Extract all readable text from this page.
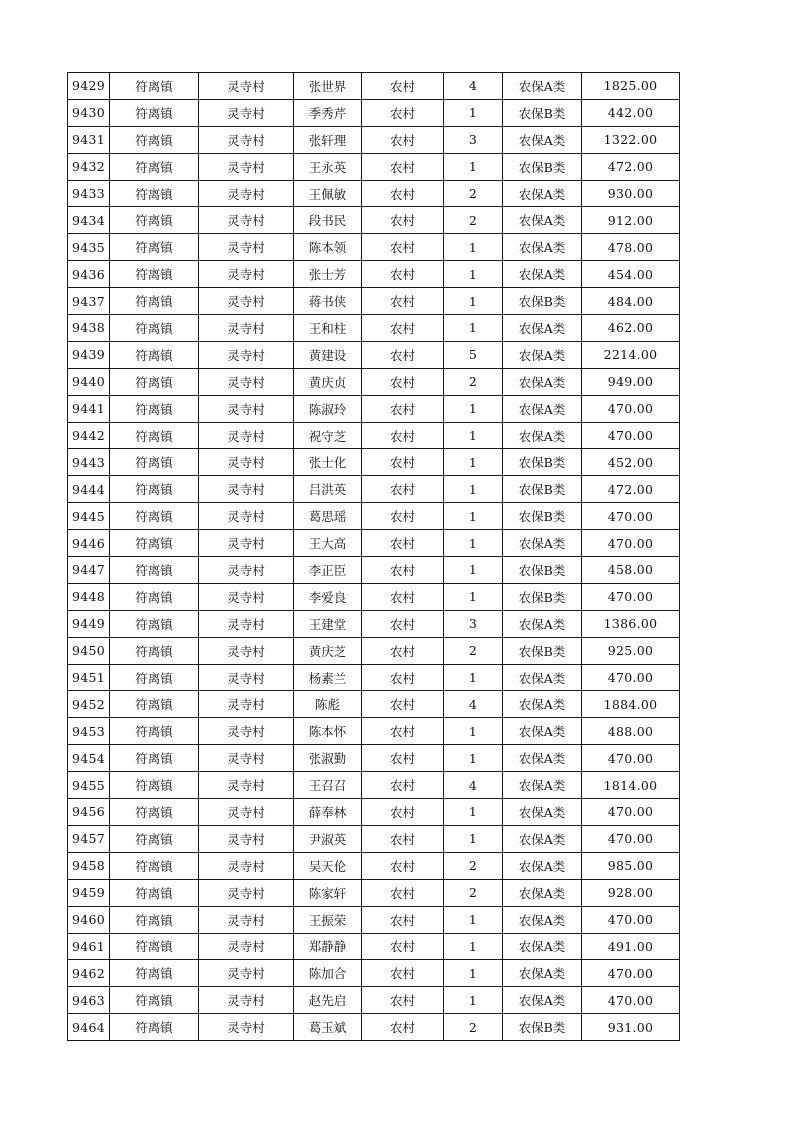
9429	符离镇	灵寺村	张世界	农村	4	农保A类	1825.00
9430	符离镇	灵寺村	季秀芹	农村	1	农保B类	442.00
9431	符离镇	灵寺村	张轩理	农村	3	农保A类	1322.00
9432	符离镇	灵寺村	王永英	农村	1	农保B类	472.00
9433	符离镇	灵寺村	王佩敏	农村	2	农保A类	930.00
9434	符离镇	灵寺村	段书民	农村	2	农保A类	912.00
9435	符离镇	灵寺村	陈本领	农村	1	农保A类	478.00
9436	符离镇	灵寺村	张士芳	农村	1	农保A类	454.00
9437	符离镇	灵寺村	蒋书侠	农村	1	农保B类	484.00
9438	符离镇	灵寺村	王和柱	农村	1	农保A类	462.00
9439	符离镇	灵寺村	黄建设	农村	5	农保A类	2214.00
9440	符离镇	灵寺村	黄庆贞	农村	2	农保A类	949.00
9441	符离镇	灵寺村	陈淑玲	农村	1	农保A类	470.00
9442	符离镇	灵寺村	祝守芝	农村	1	农保A类	470.00
9443	符离镇	灵寺村	张士化	农村	1	农保B类	452.00
9444	符离镇	灵寺村	吕洪英	农村	1	农保B类	472.00
9445	符离镇	灵寺村	葛思瑶	农村	1	农保B类	470.00
9446	符离镇	灵寺村	王大高	农村	1	农保A类	470.00
9447	符离镇	灵寺村	李正臣	农村	1	农保B类	458.00
9448	符离镇	灵寺村	李爱良	农村	1	农保B类	470.00
9449	符离镇	灵寺村	王建堂	农村	3	农保A类	1386.00
9450	符离镇	灵寺村	黄庆芝	农村	2	农保B类	925.00
9451	符离镇	灵寺村	杨素兰	农村	1	农保A类	470.00
9452	符离镇	灵寺村	陈彪	农村	4	农保A类	1884.00
9453	符离镇	灵寺村	陈本怀	农村	1	农保A类	488.00
9454	符离镇	灵寺村	张淑勤	农村	1	农保A类	470.00
9455	符离镇	灵寺村	王召召	农村	4	农保A类	1814.00
9456	符离镇	灵寺村	薛奉林	农村	1	农保A类	470.00
9457	符离镇	灵寺村	尹淑英	农村	1	农保A类	470.00
9458	符离镇	灵寺村	吴天伦	农村	2	农保A类	985.00
9459	符离镇	灵寺村	陈家轩	农村	2	农保A类	928.00
9460	符离镇	灵寺村	王振荣	农村	1	农保A类	470.00
9461	符离镇	灵寺村	郑静静	农村	1	农保A类	491.00
9462	符离镇	灵寺村	陈加合	农村	1	农保A类	470.00
9463	符离镇	灵寺村	赵先启	农村	1	农保A类	470.00
9464	符离镇	灵寺村	葛玉斌	农村	2	农保B类	931.00
